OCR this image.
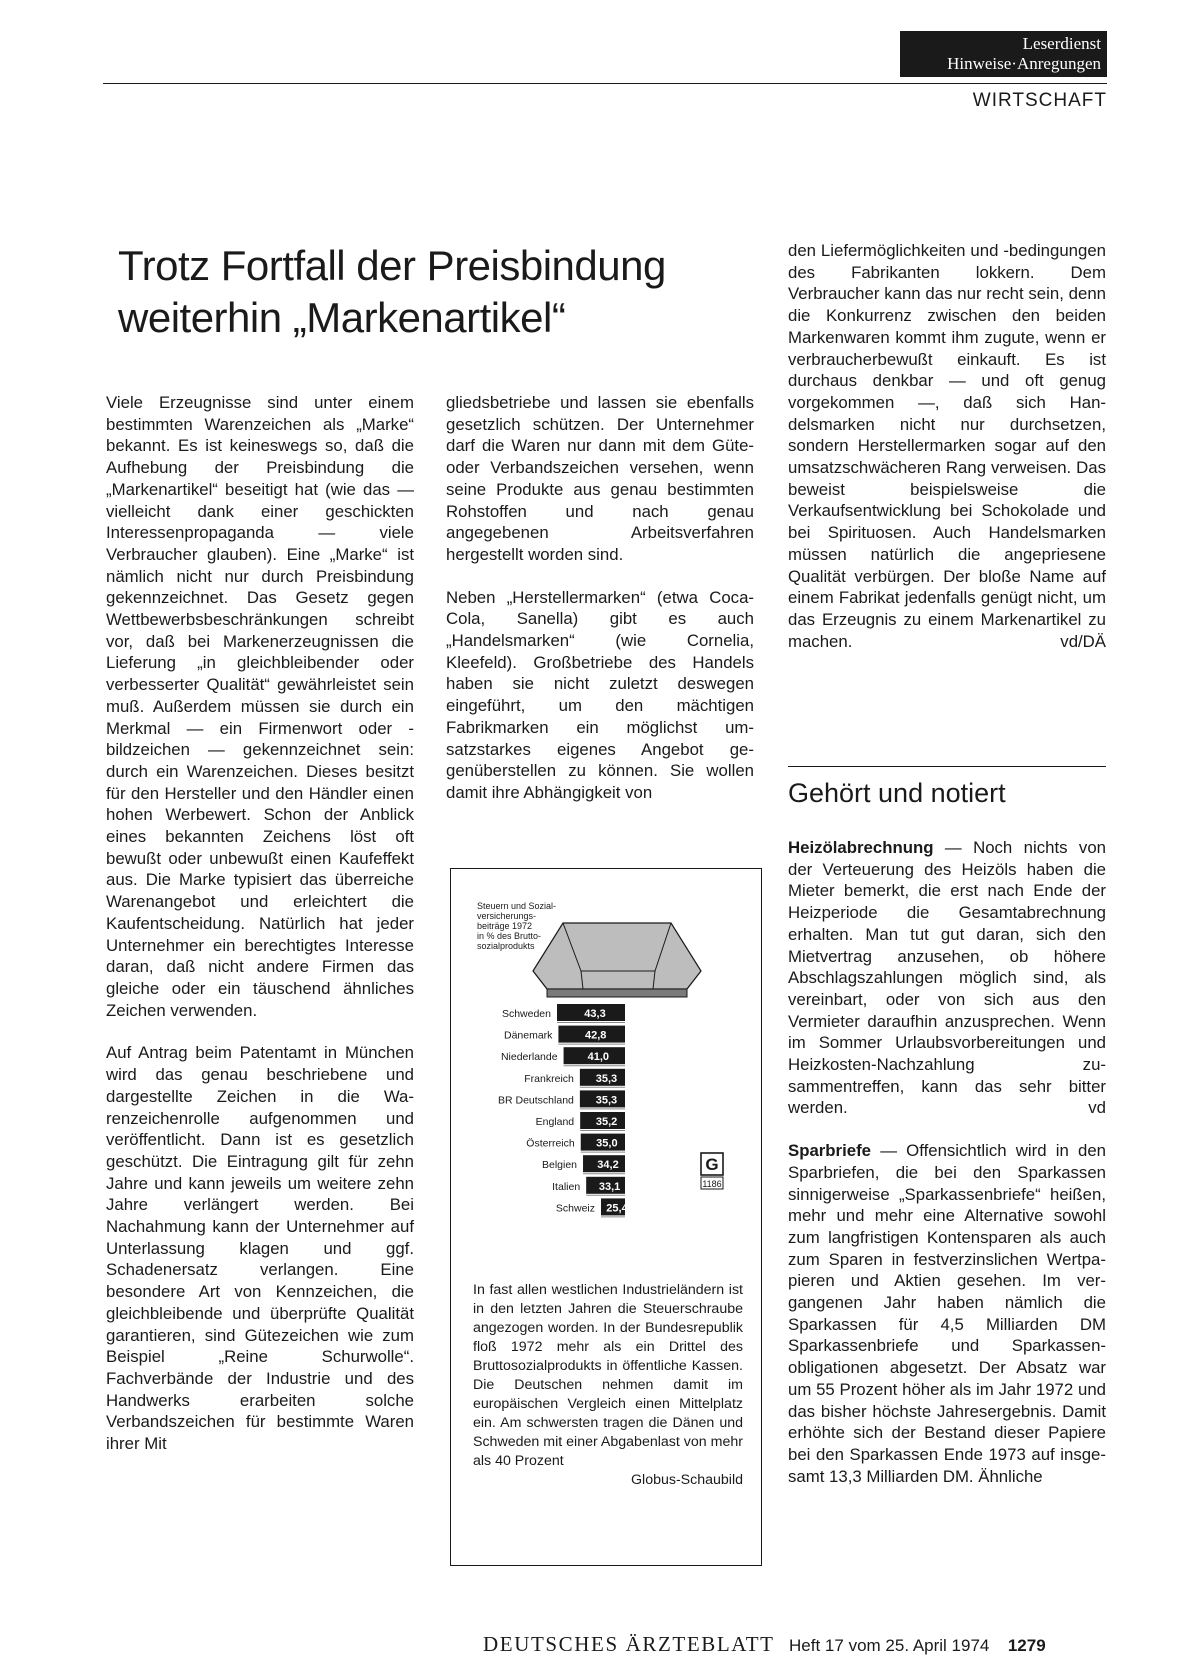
Leserdienst
Hinweise·Anregungen
WIRTSCHAFT
Trotz Fortfall der Preisbindung
weiterhin „Markenartikel“

Viele Erzeugnisse sind unter einem bestimmten Warenzeichen als „Marke“ bekannt. Es ist keineswegs so, daß die Aufhebung der Preisbindung die „Markenartikel“ beseitigt hat (wie das — vielleicht dank einer geschickten Interessenpropaganda — viele Verbraucher glauben). Eine „Marke“ ist nämlich nicht nur durch Preisbindung gekennzeichnet. Das Gesetz gegen Wettbewerbsbeschränkungen schreibt vor, daß bei Markenerzeugnissen die Lieferung „in gleichbleibender oder verbesserter Qualität“ gewährleistet sein muß. Außerdem müssen sie durch ein Merkmal — ein Firmenwort oder -bildzeichen — gekennzeichnet sein: durch ein Warenzeichen. Dieses besitzt für den Hersteller und den Händler einen hohen Werbewert. Schon der Anblick eines bekannten Zeichens löst oft bewußt oder unbewußt einen Kaufeffekt aus. Die Marke typisiert das überreiche Warenangebot und erleichtert die Kaufentscheidung. Natürlich hat jeder Unternehmer ein berechtigtes Interesse daran, daß nicht andere Firmen das gleiche oder ein täuschend ähnliches Zeichen verwenden.

Auf Antrag beim Patentamt in München wird das genau beschriebene und dargestellte Zeichen in die Warenzeichenrolle aufgenommen und veröffentlicht. Dann ist es gesetzlich geschützt. Die Eintragung gilt für zehn Jahre und kann jeweils um weitere zehn Jahre verlängert werden. Bei Nachahmung kann der Unternehmer auf Unterlassung klagen und ggf. Schadenersatz verlangen. Eine besondere Art von Kennzeichen, die gleichbleibende und überprüfte Qualität garantieren, sind Gütezeichen wie zum Beispiel „Reine Schurwolle“. Fachverbände der Industrie und des Handwerks erarbeiten solche Verbandszeichen für bestimmte Waren ihrer Mit

gliedsbetriebe und lassen sie ebenfalls gesetzlich schützen. Der Unternehmer darf die Waren nur dann mit dem Güte- oder Verbandszeichen versehen, wenn seine Produkte aus genau bestimmten Rohstoffen und nach genau angegebenen Arbeitsverfahren hergestellt worden sind.

Neben „Herstellermarken“ (etwa Coca-Cola, Sanella) gibt es auch „Handelsmarken“ (wie Cornelia, Kleefeld). Großbetriebe des Handels haben sie nicht zuletzt deswegen eingeführt, um den mächtigen Fabrikmarken ein möglichst umsatzstarkes eigenes Angebot gegenüberstellen zu können. Sie wollen damit ihre Abhängigkeit von

den Liefermöglichkeiten und -bedingungen des Fabrikanten lokkern. Dem Verbraucher kann das nur recht sein, denn die Konkurrenz zwischen den beiden Markenwaren kommt ihm zugute, wenn er verbraucherbewußt einkauft. Es ist durchaus denkbar — und oft genug vorgekommen —, daß sich Handelsmarken nicht nur durchsetzen, sondern Herstellermarken sogar auf den umsatzschwächeren Rang verweisen. Das beweist beispielsweise die Verkaufsentwicklung bei Schokolade und bei Spirituosen. Auch Handelsmarken müssen natürlich die angepriesene Qualität verbürgen. Der bloße Name auf einem Fabrikat jedenfalls genügt nicht, um das Erzeugnis zu einem Markenartikel zu machen.	vd/DÄ

Gehört und notiert

Heizölabrechnung — Noch nichts von der Verteuerung des Heizöls haben die Mieter bemerkt, die erst nach Ende der Heizperiode die Gesamtabrechnung erhalten. Man tut gut daran, sich den Mietvertrag anzusehen, ob höhere Abschlagszahlungen möglich sind, als vereinbart, oder von sich aus den Vermieter daraufhin anzusprechen. Wenn im Sommer Urlaubsvorbereitungen und Heizkosten-Nachzahlung zusammentreffen, kann das sehr bitter werden.	vd

Sparbriefe — Offensichtlich wird in den Sparbriefen, die bei den Sparkassen sinnigerweise „Sparkassenbriefe“ heißen, mehr und mehr eine Alternative sowohl zum langfristigen Kontensparen als auch zum Sparen in festverzinslichen Wertpapieren und Aktien gesehen. Im vergangenen Jahr haben nämlich die Sparkassen für 4,5 Milliarden DM Sparkassenbriefe und Sparkassenobligationen abgesetzt. Der Absatz war um 55 Prozent höher als im Jahr 1972 und das bisher höchste Jahresergebnis. Damit erhöhte sich der Bestand dieser Papiere bei den Sparkassen Ende 1973 auf insgesamt 13,3 Milliarden DM. Ähnliche

Steuern und Sozial-
versicherungs-
beiträge 1972
in % des Brutto-
sozialprodukts
Schweden
Dänemark
Niederlande
Frankreich
BR Deutschland
England
Österreich
Belgien
Italien
Schweiz
43,3
42,8
41,0
35,3
35,3
35,2
35,0
34,2
33,1
25,4
G
1186
In fast allen westlichen Industrieländern ist in den letzten Jahren die Steuerschraube angezogen worden. In der Bundesrepublik floß 1972 mehr als ein Drittel des Bruttosozialprodukts in öffentliche Kassen. Die Deutschen nehmen damit im europäischen Vergleich einen Mittelplatz ein. Am schwersten tragen die Dänen und Schweden mit einer Abgabenlast von mehr als 40 Prozent
Globus-Schaubild
DEUTSCHES ÄRZTEBLATT Heft 17 vom 25. April 1974 1279
